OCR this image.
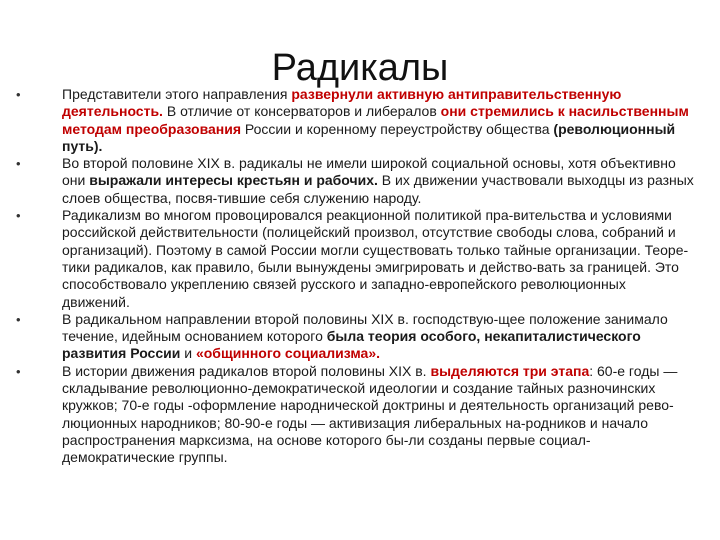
Радикалы
•	Представители этого направления развернули активную антиправительственную деятельность. В отличие от консерваторов и либералов они стремились к насильственным методам преобразования России и коренному переустройству общества (революционный путь).
•	Во второй половине XIX в. радикалы не имели широкой социальной основы, хотя объективно они выражали интересы крестьян и рабочих. В их движении участвовали выходцы из разных слоев общества, посвя-тившие себя служению народу.
•	Радикализм во многом провоцировался реакционной политикой пра-вительства и условиями российской действительности (полицейский произвол, отсутствие свободы слова, собраний и организаций). Поэтому в самой России могли существовать только тайные организации. Теоре-тики радикалов, как правило, были вынуждены эмигрировать и действо-вать за границей. Это способствовало укреплению связей русского и западно-европейского революционных движений.
•	В радикальном направлении второй половины XIX в. господствую-щее положение занимало течение, идейным основанием которого была теория особого, некапиталистического развития России и «общинного социализма».
•	В истории движения радикалов второй половины XIX в. выделяются три этапа: 60-е годы — складывание революционно-демократической идеологии и создание тайных разночинских кружков; 70-е годы -оформление народнической доктрины и деятельность организаций рево-люционных народников; 80-90-е годы — активизация либеральных на-родников и начало распространения марксизма, на основе которого бы-ли созданы первые социал-демократические группы.
